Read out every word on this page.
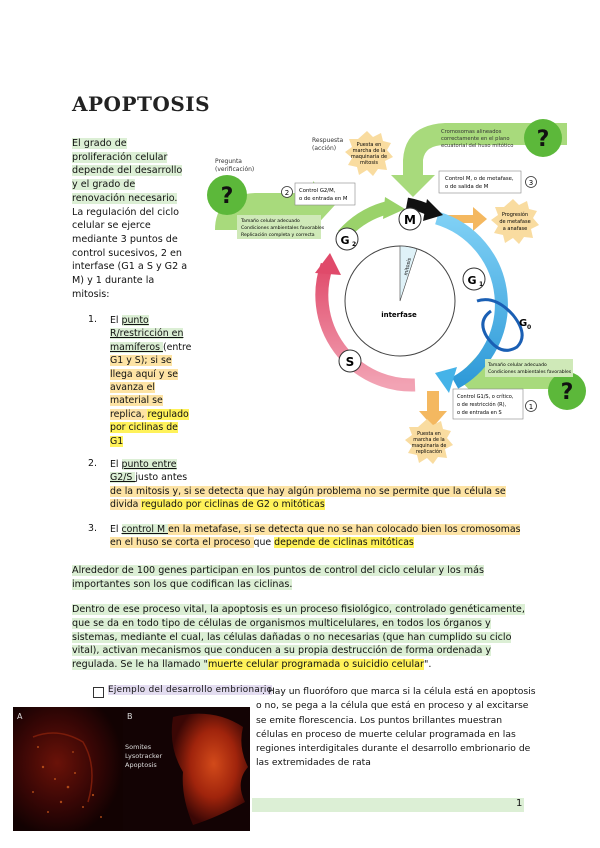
APOPTOSIS
El grado de
proliferación celular
depende del desarrollo
y el grado de
renovación necesario.
La regulación del ciclo
celular se ejerce
mediante 3 puntos de
control sucesivos, 2 en
interfase (G1 a S y G2 a
M) y 1 durante la
mitosis:
1. El punto
R/restricción en
mamíferos (entre
G1 y S); si se
llega aquí y se
avanza el
material se
replica, regulado
por ciclinas de
G1
2. El punto entre
G2/S justo antes
de la mitosis y, si se detecta que hay algún problema no se permite que la célula se
divida regulado por ciclinas de G2 o mitóticas
3. El control M en la metafase, si se detecta que no se han colocado bien los cromosomas
en el huso se corta el proceso que depende de ciclinas mitóticas
Alrededor de 100 genes participan en los puntos de control del ciclo celular y los más
importantes son los que codifican las ciclinas.
Dentro de ese proceso vital, la apoptosis es un proceso fisiológico, controlado genéticamente,
que se da en todo tipo de células de organismos multicelulares, en todos los órganos y
sistemas, mediante el cual, las células dañadas o no necesarias (que han cumplido su ciclo
vital), activan mecanismos que conducen a su propia destrucción de forma ordenada y
regulada. Se le ha llamado "muerte celular programada o suicidio celular".
Ejemplo del desarrollo embrionario
. Hay un fluoróforo que marca si la célula está en apoptosis
o no, se pega a la célula que está en proceso y al excitarse
se emite florescencia. Los puntos brillantes muestran
células en proceso de muerte celular programada en las
regiones interdigitales durante el desarrollo embrionario de
las extremidades de rata
A	B
Somites
Lysotracker
Apoptosis
1
?
?
?
Pregunta
(verificación)
Respuesta
(acción)	Puesta en
marcha de la
maquinaria de
mitosis
Cromosomas alineados
correctamente en el plano
ecuatorial del huso mitótico
Control M, o de metafase,
o de salida de M	3
2 Control G2/M,
o de entrada en M
Tamaño celular adecuado
Condiciones ambientales favorables
Replicación completa y correcta
Progresión
de metafase
a anafase
interfase
mitosis
M
G 1
G 2
S
G 0
Tamaño celular adecuado
Condiciones ambientales favorables
Control G1/S, o crítico,
o de restricción (R),
o de entrada en S
1
Puesta en
marcha de la
maquinaria de
replicación
